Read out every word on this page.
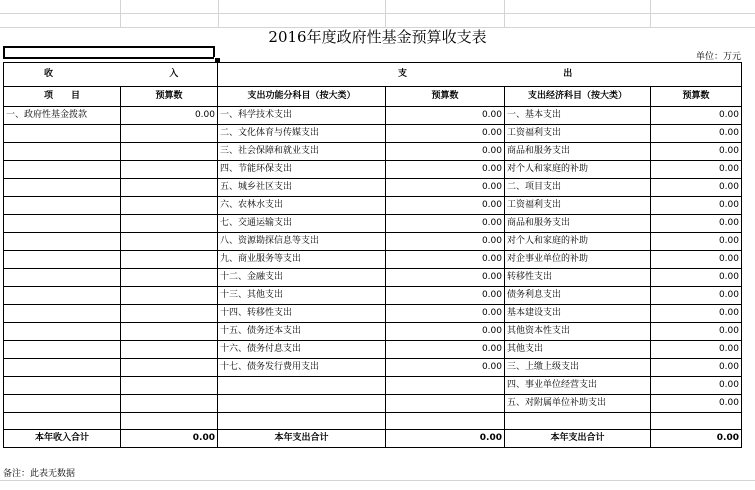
2016年度政府性基金预算收支表
单位：万元
收 入		支 出			
项　　目	预算数	支出功能分科目（按大类）	预算数	支出经济科目（按大类）	预算数
一、政府性基金拨款	0.00	一、科学技术支出	0.00	一、基本支出	0.00
		二、文化体育与传媒支出	0.00	工资福利支出	0.00
		三、社会保障和就业支出	0.00	商品和服务支出	0.00
		四、节能环保支出	0.00	对个人和家庭的补助	0.00
		五、城乡社区支出	0.00	二、项目支出	0.00
		六、农林水支出	0.00	工资福利支出	0.00
		七、交通运输支出	0.00	商品和服务支出	0.00
		八、资源勘探信息等支出	0.00	对个人和家庭的补助	0.00
		九、商业服务等支出	0.00	对企事业单位的补助	0.00
		十二、金融支出	0.00	转移性支出	0.00
		十三、其他支出	0.00	债务利息支出	0.00
		十四、转移性支出	0.00	基本建设支出	0.00
		十五、债务还本支出	0.00	其他资本性支出	0.00
		十六、债务付息支出	0.00	其他支出	0.00
		十七、债务发行费用支出	0.00	三、上缴上级支出	0.00
				四、事业单位经营支出	0.00
				五、对附属单位补助支出	0.00

本年收入合计	0.00	本年支出合计	0.00	本年支出合计	0.00
备注：此表无数据
